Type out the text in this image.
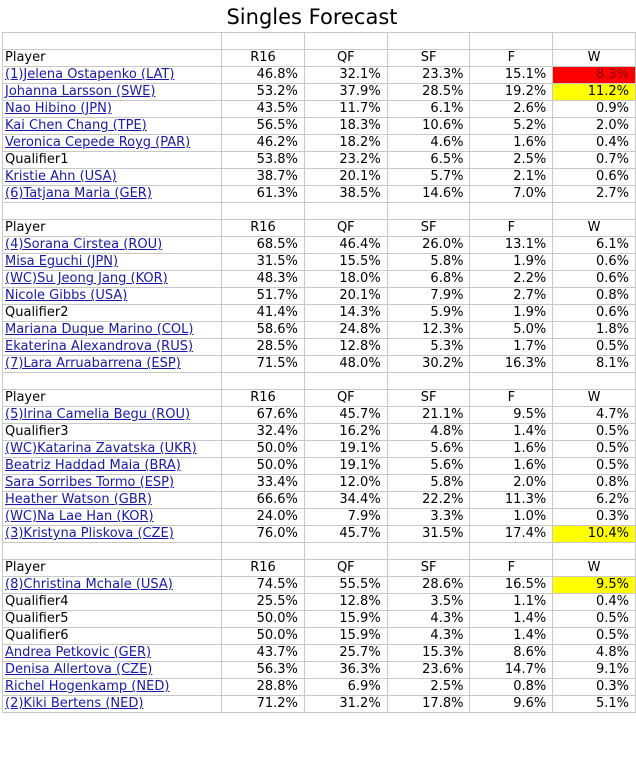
Singles Forecast

Player	R16	QF	SF	F	W
(1)Jelena Ostapenko (LAT)	46.8%	32.1%	23.3%	15.1%	8.3%
Johanna Larsson (SWE)	53.2%	37.9%	28.5%	19.2%	11.2%
Nao Hibino (JPN)	43.5%	11.7%	6.1%	2.6%	0.9%
Kai Chen Chang (TPE)	56.5%	18.3%	10.6%	5.2%	2.0%
Veronica Cepede Royg (PAR)	46.2%	18.2%	4.6%	1.6%	0.4%
Qualifier1	53.8%	23.2%	6.5%	2.5%	0.7%
Kristie Ahn (USA)	38.7%	20.1%	5.7%	2.1%	0.6%
(6)Tatjana Maria (GER)	61.3%	38.5%	14.6%	7.0%	2.7%

Player	R16	QF	SF	F	W
(4)Sorana Cirstea (ROU)	68.5%	46.4%	26.0%	13.1%	6.1%
Misa Eguchi (JPN)	31.5%	15.5%	5.8%	1.9%	0.6%
(WC)Su Jeong Jang (KOR)	48.3%	18.0%	6.8%	2.2%	0.6%
Nicole Gibbs (USA)	51.7%	20.1%	7.9%	2.7%	0.8%
Qualifier2	41.4%	14.3%	5.9%	1.9%	0.6%
Mariana Duque Marino (COL)	58.6%	24.8%	12.3%	5.0%	1.8%
Ekaterina Alexandrova (RUS)	28.5%	12.8%	5.3%	1.7%	0.5%
(7)Lara Arruabarrena (ESP)	71.5%	48.0%	30.2%	16.3%	8.1%

Player	R16	QF	SF	F	W
(5)Irina Camelia Begu (ROU)	67.6%	45.7%	21.1%	9.5%	4.7%
Qualifier3	32.4%	16.2%	4.8%	1.4%	0.5%
(WC)Katarina Zavatska (UKR)	50.0%	19.1%	5.6%	1.6%	0.5%
Beatriz Haddad Maia (BRA)	50.0%	19.1%	5.6%	1.6%	0.5%
Sara Sorribes Tormo (ESP)	33.4%	12.0%	5.8%	2.0%	0.8%
Heather Watson (GBR)	66.6%	34.4%	22.2%	11.3%	6.2%
(WC)Na Lae Han (KOR)	24.0%	7.9%	3.3%	1.0%	0.3%
(3)Kristyna Pliskova (CZE)	76.0%	45.7%	31.5%	17.4%	10.4%

Player	R16	QF	SF	F	W
(8)Christina Mchale (USA)	74.5%	55.5%	28.6%	16.5%	9.5%
Qualifier4	25.5%	12.8%	3.5%	1.1%	0.4%
Qualifier5	50.0%	15.9%	4.3%	1.4%	0.5%
Qualifier6	50.0%	15.9%	4.3%	1.4%	0.5%
Andrea Petkovic (GER)	43.7%	25.7%	15.3%	8.6%	4.8%
Denisa Allertova (CZE)	56.3%	36.3%	23.6%	14.7%	9.1%
Richel Hogenkamp (NED)	28.8%	6.9%	2.5%	0.8%	0.3%
(2)Kiki Bertens (NED)	71.2%	31.2%	17.8%	9.6%	5.1%
